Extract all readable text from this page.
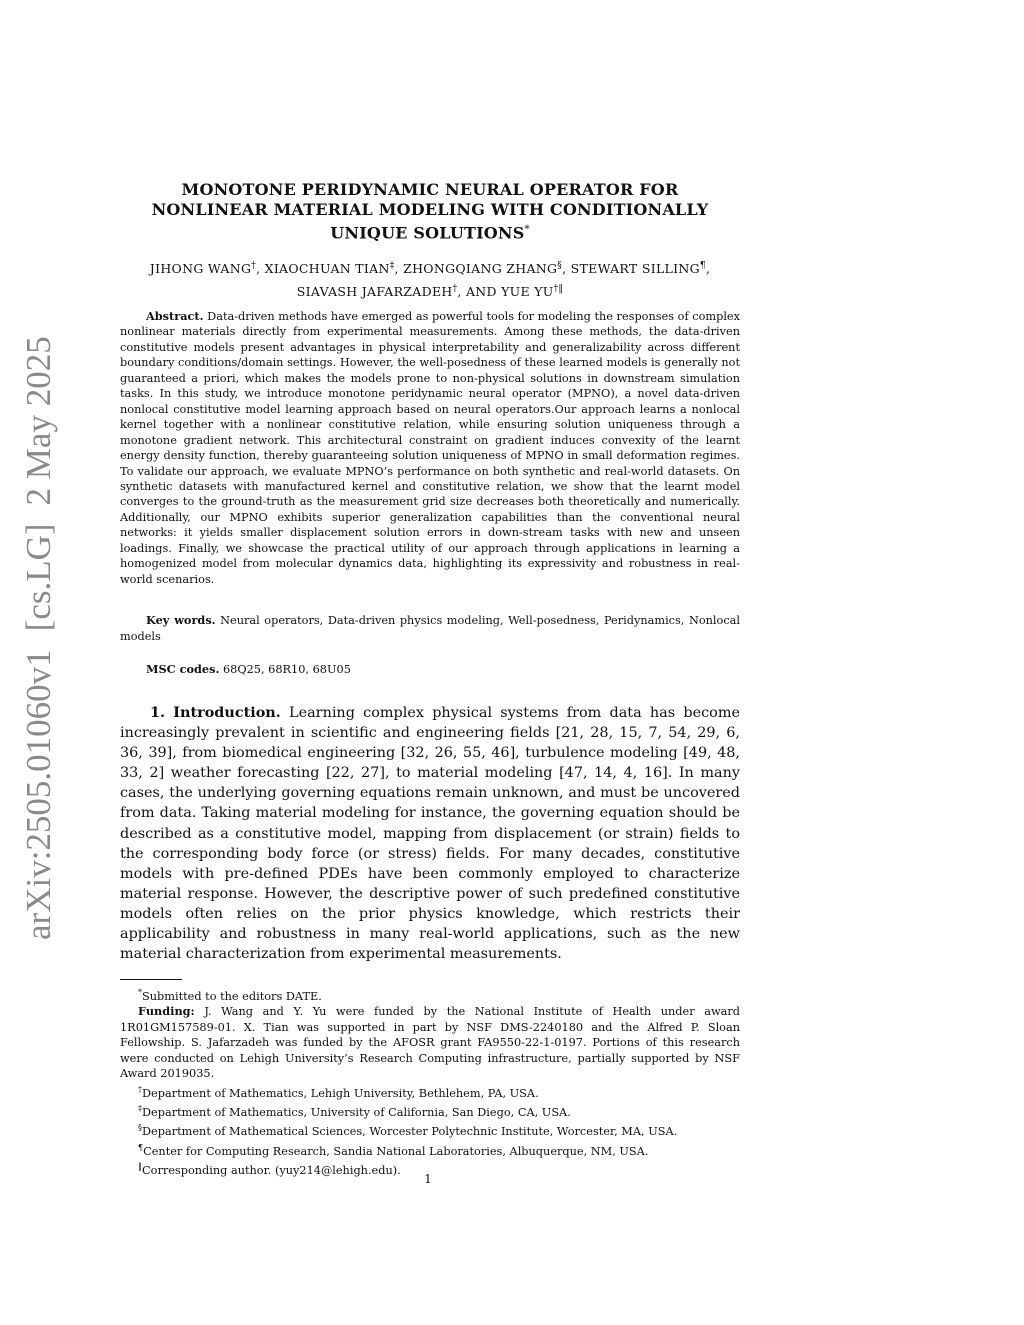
arXiv:2505.01060v1
[cs.LG]
2 May 2025
MONOTONE PERIDYNAMIC NEURAL OPERATOR FOR
NONLINEAR MATERIAL MODELING WITH CONDITIONALLY
UNIQUE SOLUTIONS*
JIHONG WANG†, XIAOCHUAN TIAN‡, ZHONGQIANG ZHANG§, STEWART SILLING¶,
SIAVASH JAFARZADEH†, AND YUE YU†‖

Abstract. Data-driven methods have emerged as powerful tools for modeling the responses of complex nonlinear materials directly from experimental measurements. Among these methods, the data-driven constitutive models present advantages in physical interpretability and generalizability across different boundary conditions/domain settings. However, the well-posedness of these learned models is generally not guaranteed a priori, which makes the models prone to non-physical solutions in downstream simulation tasks. In this study, we introduce monotone peridynamic neural operator (MPNO), a novel data-driven nonlocal constitutive model learning approach based on neural operators.Our approach learns a nonlocal kernel together with a nonlinear constitutive relation, while ensuring solution uniqueness through a monotone gradient network. This architectural constraint on gradient induces convexity of the learnt energy density function, thereby guaranteeing solution uniqueness of MPNO in small deformation regimes. To validate our approach, we evaluate MPNO’s performance on both synthetic and real-world datasets. On synthetic datasets with manufactured kernel and constitutive relation, we show that the learnt model converges to the ground-truth as the measurement grid size decreases both theoretically and numerically. Additionally, our MPNO exhibits superior generalization capabilities than the conventional neural networks: it yields smaller displacement solution errors in down-stream tasks with new and unseen loadings. Finally, we showcase the practical utility of our approach through applications in learning a homogenized model from molecular dynamics data, highlighting its expressivity and robustness in real-world scenarios.

Key words. Neural operators, Data-driven physics modeling, Well-posedness, Peridynamics, Nonlocal models

MSC codes. 68Q25, 68R10, 68U05

1. Introduction. Learning complex physical systems from data has become increasingly prevalent in scientific and engineering fields [21, 28, 15, 7, 54, 29, 6, 36, 39], from biomedical engineering [32, 26, 55, 46], turbulence modeling [49, 48, 33, 2] weather forecasting [22, 27], to material modeling [47, 14, 4, 16]. In many cases, the underlying governing equations remain unknown, and must be uncovered from data. Taking material modeling for instance, the governing equation should be described as a constitutive model, mapping from displacement (or strain) fields to the corresponding body force (or stress) fields. For many decades, constitutive models with pre-defined PDEs have been commonly employed to characterize material response. However, the descriptive power of such predefined constitutive models often relies on the prior physics knowledge, which restricts their applicability and robustness in many real-world applications, such as the new material characterization from experimental measurements.

*Submitted to the editors DATE.

Funding: J. Wang and Y. Yu were funded by the National Institute of Health under award 1R01GM157589-01. X. Tian was supported in part by NSF DMS-2240180 and the Alfred P. Sloan Fellowship. S. Jafarzadeh was funded by the AFOSR grant FA9550-22-1-0197. Portions of this research were conducted on Lehigh University’s Research Computing infrastructure, partially supported by NSF Award 2019035.

†Department of Mathematics, Lehigh University, Bethlehem, PA, USA.

‡Department of Mathematics, University of California, San Diego, CA, USA.

§Department of Mathematical Sciences, Worcester Polytechnic Institute, Worcester, MA, USA.

¶Center for Computing Research, Sandia National Laboratories, Albuquerque, NM, USA.

‖Corresponding author. (yuy214@lehigh.edu).

1
